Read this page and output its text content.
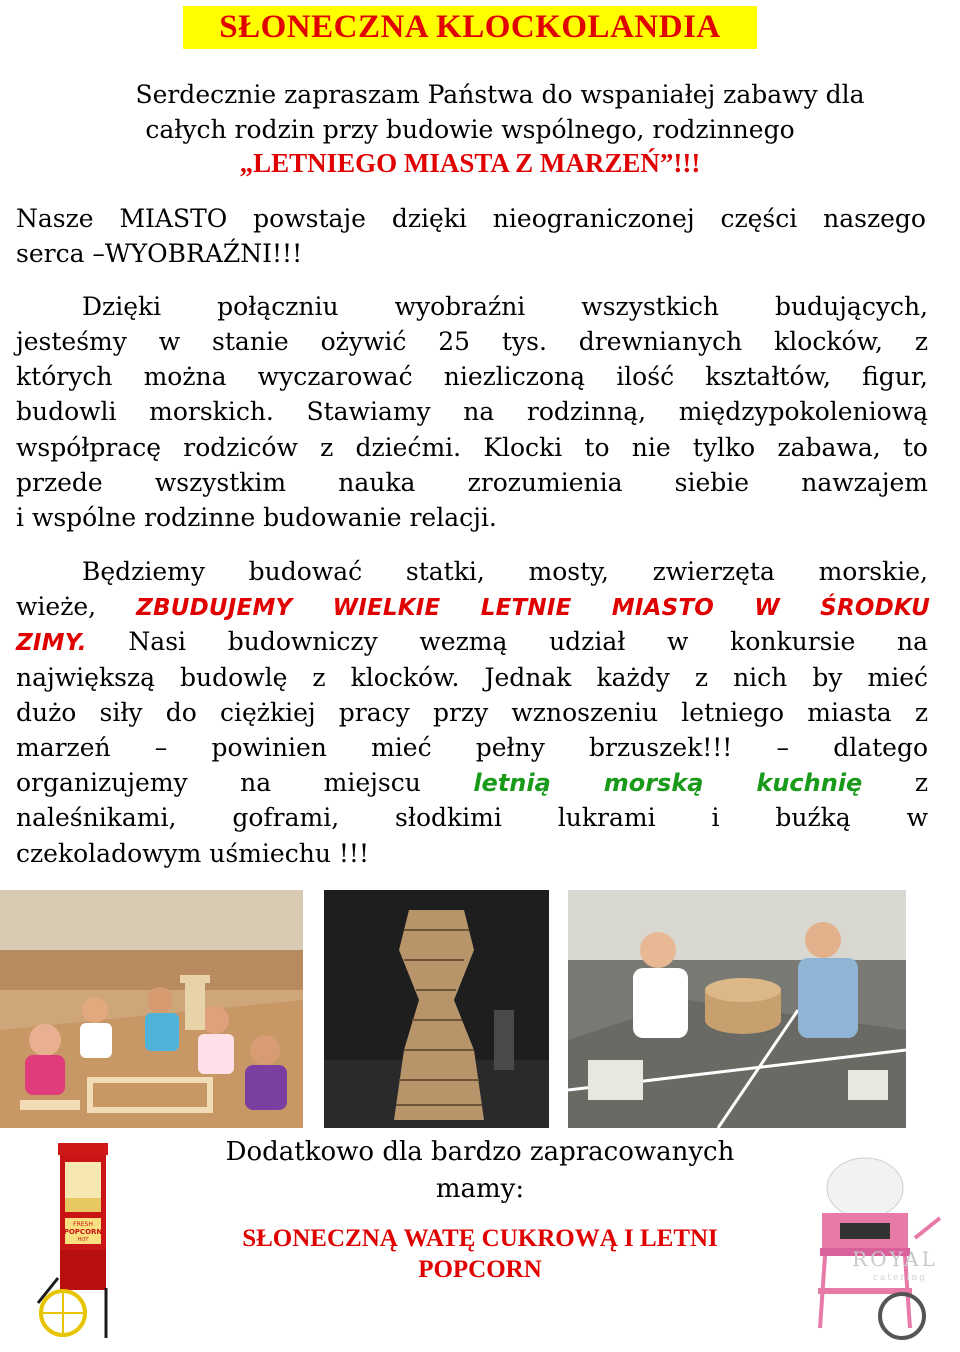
SŁONECZNA KLOCKOLANDIA

Serdecznie zapraszam Państwa do wspaniałej zabawy dla

całych rodzin przy budowie wspólnego, rodzinnego

„LETNIEGO MIASTA Z MARZEŃ”!!!

Nasze MIASTO powstaje dzięki nieograniczonej części naszego

serca –WYOBRAŹNI!!!

Dzięki połączniu wyobraźni wszystkich budujących,

jesteśmy w stanie ożywić 25 tys. drewnianych klocków, z

których można wyczarować niezliczoną ilość kształtów, figur,

budowli morskich. Stawiamy na rodzinną, międzypokoleniową

współpracę rodziców z dziećmi. Klocki to nie tylko zabawa, to

przede wszystkim nauka zrozumienia siebie nawzajem

i wspólne rodzinne budowanie relacji.

Będziemy budować statki, mosty, zwierzęta morskie,

wieże, ZBUDUJEMY WIELKIE LETNIE MIASTO W ŚRODKU

ZIMY. Nasi budowniczy wezmą udział w konkursie na

największą budowlę z klocków. Jednak każdy z nich by mieć

dużo siły do ciężkiej pracy przy wznoszeniu letniego miasta z

marzeń – powinien mieć pełny brzuszek!!! – dlatego

organizujemy na miejscu letnią morską kuchnię z

naleśnikami, goframi, słodkimi lukrami i buźką w

czekoladowym uśmiechu !!!

Dodatkowo dla bardzo zapracowanych
mamy:
SŁONECZNĄ WATĘ CUKROWĄ I LETNI
POPCORN
FRESH
POPCORN
HOT
ROYAL
catering
